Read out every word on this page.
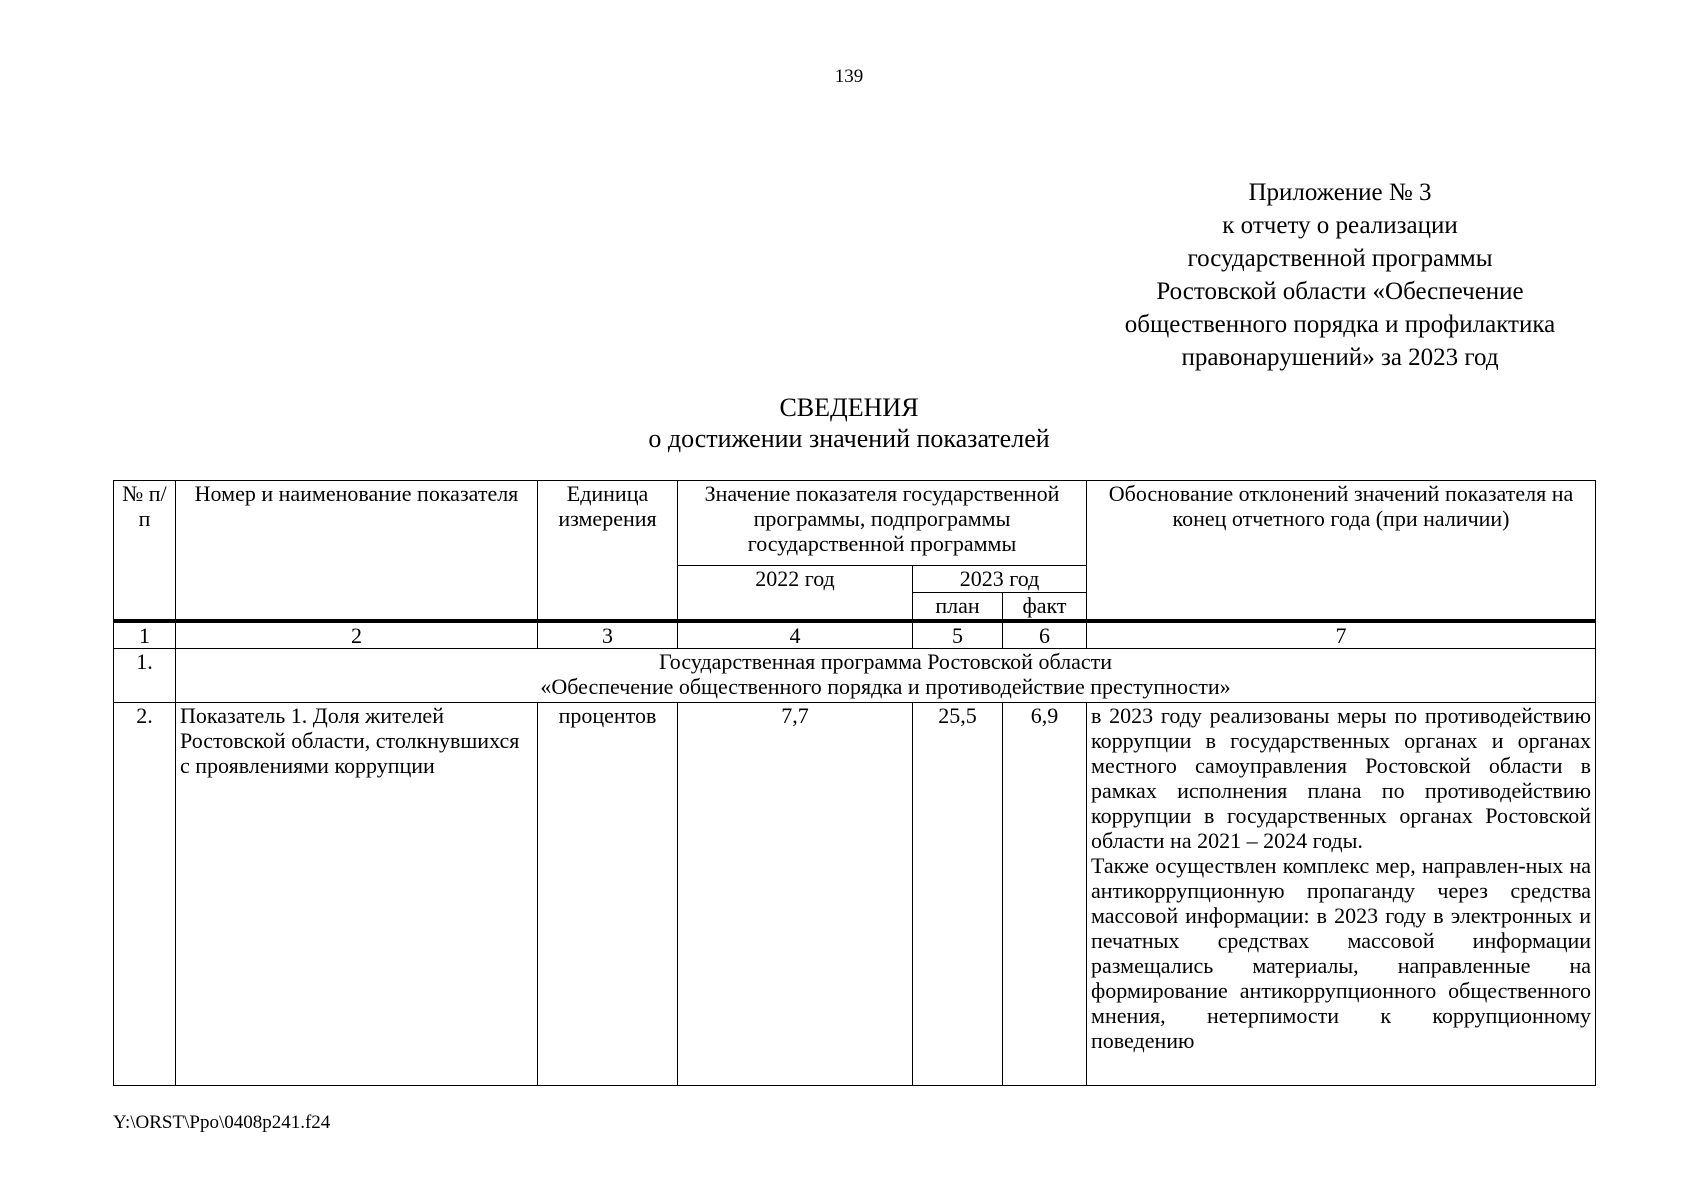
139
Приложение № 3
к отчету о реализации
государственной программы
Ростовской области «Обеспечение
общественного порядка и профилактика
правонарушений» за 2023 год
СВЕДЕНИЯ
о достижении значений показателей
№ п/п	Номер и наименование показателя	Единица измерения	Значение показателя государственной программы, подпрограммы государственной программы			Обоснование отклонений значений показателя на конец отчетного года (при наличии)
			2022 год	2023 год		
				план	факт	
1	2	3	4	5	6	7
1.	Государственная программа Ростовской области
«Обеспечение общественного порядка и противодействие преступности»					

2.	Показатель 1. Доля жителей Ростовской области, столкнувшихся с проявлениями коррупции	процентов	7,7	25,5	6,9	в 2023 году реализованы меры по противодействию коррупции в государственных органах и органах местного самоуправления Ростовской области в рамках исполнения плана по противодействию коррупции в государственных органах Ростовской области на 2021 – 2024 годы.

Также осуществлен комплекс мер, направлен-ных на антикоррупционную пропаганду через средства массовой информации: в 2023 году в электронных и печатных средствах массовой информации размещались материалы, направленные на формирование антикоррупционного общественного мнения, нетерпимости к коррупционному поведению

Y:\ORST\Ppo\0408p241.f24
